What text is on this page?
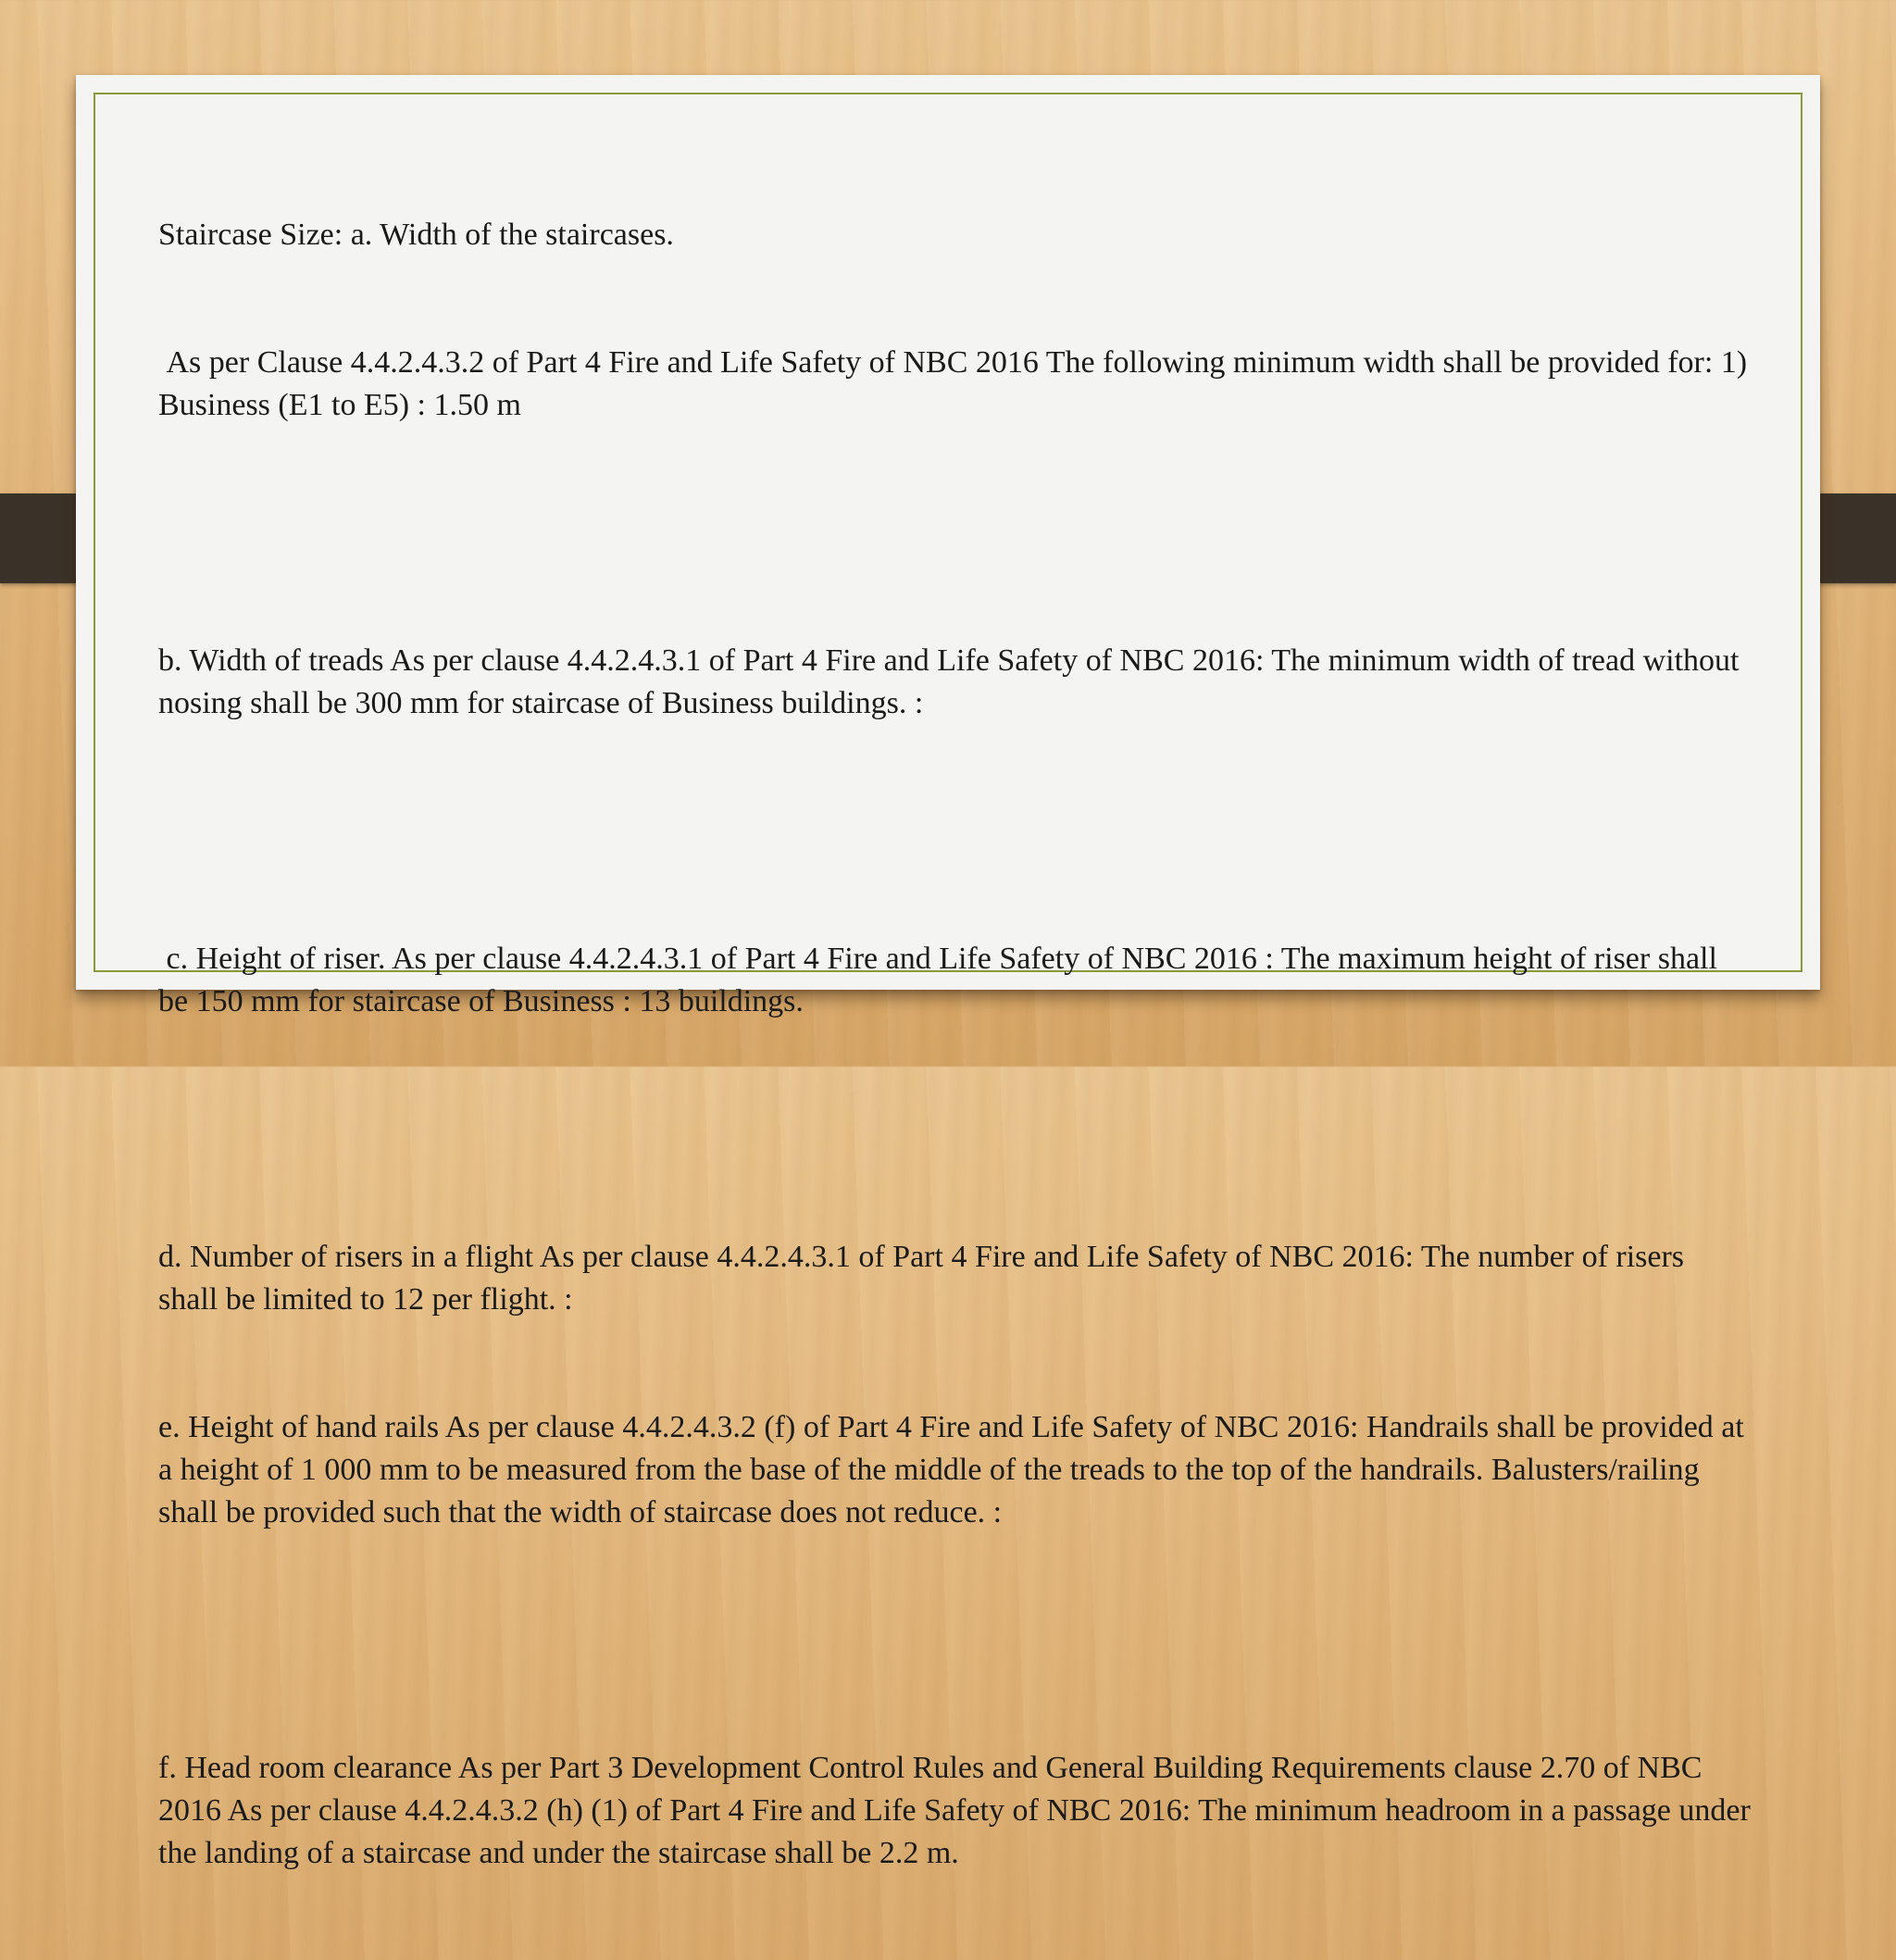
Staircase Size: a. Width of the staircases.

As per Clause 4.4.2.4.3.2 of Part 4 Fire and Life Safety of NBC 2016 The following minimum width shall be provided for: 1) Business (E1 to E5) : 1.50 m

b. Width of treads As per clause 4.4.2.4.3.1 of Part 4 Fire and Life Safety of NBC 2016: The minimum width of tread without nosing shall be 300 mm for staircase of Business buildings. :

c. Height of riser. As per clause 4.4.2.4.3.1 of Part 4 Fire and Life Safety of NBC 2016 : The maximum height of riser shall be 150 mm for staircase of Business : 13 buildings.

d. Number of risers in a flight As per clause 4.4.2.4.3.1 of Part 4 Fire and Life Safety of NBC 2016: The number of risers shall be limited to 12 per flight. :

e. Height of hand rails As per clause 4.4.2.4.3.2 (f) of Part 4 Fire and Life Safety of NBC 2016: Handrails shall be provided at a height of 1 000 mm to be measured from the base of the middle of the treads to the top of the handrails. Balusters/railing shall be provided such that the width of staircase does not reduce. :

f. Head room clearance As per Part 3 Development Control Rules and General Building Requirements clause 2.70 of NBC 2016 As per clause 4.4.2.4.3.2 (h) (1) of Part 4 Fire and Life Safety of NBC 2016: The minimum headroom in a passage under the landing of a staircase and under the staircase shall be 2.2 m.
